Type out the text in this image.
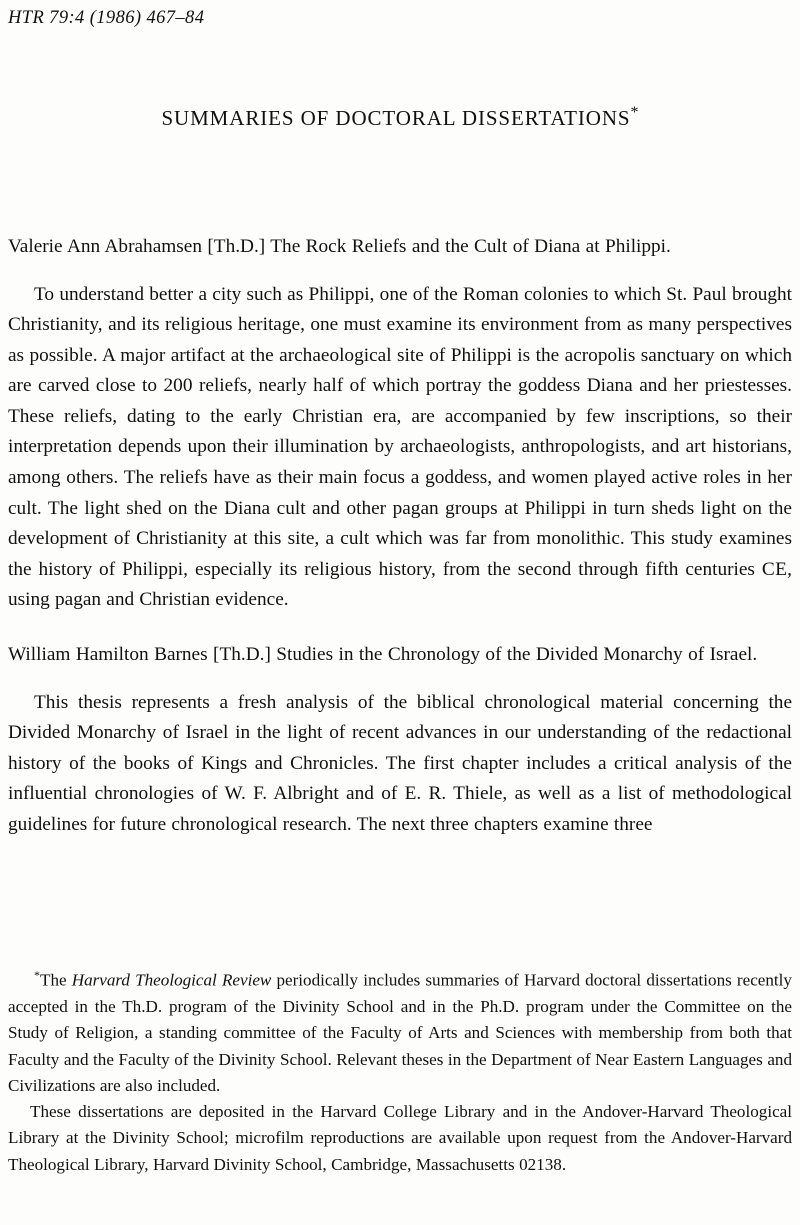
HTR 79:4 (1986) 467–84
SUMMARIES OF DOCTORAL DISSERTATIONS*

Valerie Ann Abrahamsen [Th.D.] The Rock Reliefs and the Cult of Diana at Philippi.

To understand better a city such as Philippi, one of the Roman colonies to which St. Paul brought Christianity, and its religious heritage, one must examine its environment from as many perspectives as possible. A major artifact at the archaeological site of Philippi is the acropolis sanctuary on which are carved close to 200 reliefs, nearly half of which portray the goddess Diana and her priestesses. These reliefs, dating to the early Christian era, are accompanied by few inscriptions, so their interpretation depends upon their illumination by archaeologists, anthropologists, and art historians, among others. The reliefs have as their main focus a goddess, and women played active roles in her cult. The light shed on the Diana cult and other pagan groups at Philippi in turn sheds light on the development of Christianity at this site, a cult which was far from monolithic. This study examines the history of Philippi, especially its religious history, from the second through fifth centuries CE, using pagan and Christian evidence.

William Hamilton Barnes [Th.D.] Studies in the Chronology of the Divided Monarchy of Israel.

This thesis represents a fresh analysis of the biblical chronological material concerning the Divided Monarchy of Israel in the light of recent advances in our understanding of the redactional history of the books of Kings and Chronicles. The first chapter includes a critical analysis of the influential chronologies of W. F. Albright and of E. R. Thiele, as well as a list of methodological guidelines for future chronological research. The next three chapters examine three

*The Harvard Theological Review periodically includes summaries of Harvard doctoral dissertations recently accepted in the Th.D. program of the Divinity School and in the Ph.D. program under the Committee on the Study of Religion, a standing committee of the Faculty of Arts and Sciences with membership from both that Faculty and the Faculty of the Divinity School. Relevant theses in the Department of Near Eastern Languages and Civilizations are also included.

These dissertations are deposited in the Harvard College Library and in the Andover-Harvard Theological Library at the Divinity School; microfilm reproductions are available upon request from the Andover-Harvard Theological Library, Harvard Divinity School, Cambridge, Massachusetts 02138.
